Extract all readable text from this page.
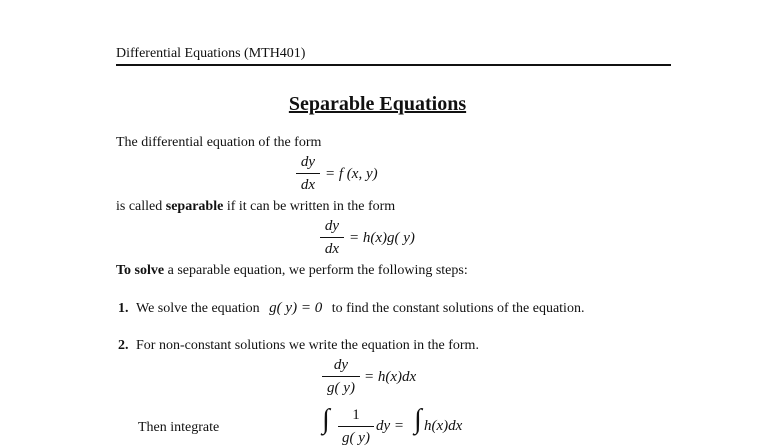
Differential Equations (MTH401)
Separable Equations
The differential equation of the form
dy
dx
= f (x, y)
is called separable if it can be written in the form
dy
dx
= h(x)g( y)
To solve a separable equation, we perform the following steps:
1. We solve the equation g( y) = 0 to find the constant solutions of the equation.
2. For non-constant solutions we write the equation in the form.
dy
g( y)
= h(x)dx
Then integrate	∫	1
g( y)
dy = ∫ h(x)dx
